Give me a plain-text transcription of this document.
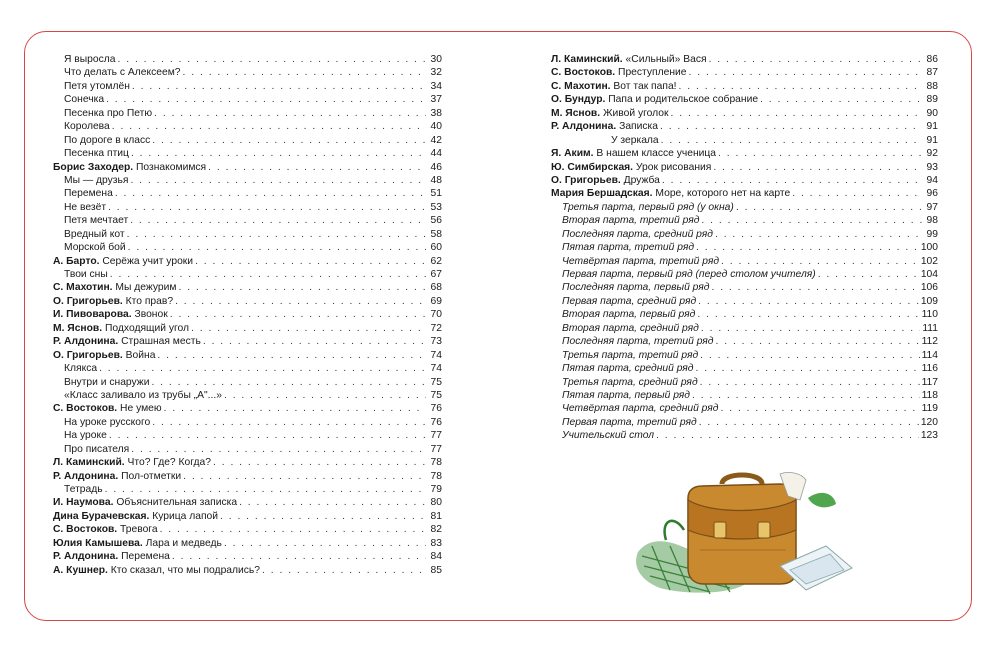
Я выросла . . .	30
Что делать с Алексеем? . . .	32
Петя утомлён . . .	34
Сонечка . . .	37
Песенка про Петю . . .	38
Королева . . .	40
По дороге в класс . . .	42
Песенка птиц . . .	44
Борис Заходер. Познакомимся . . .	46
Мы — друзья . . .	48
Перемена . . .	51
Не везёт . . .	53
Петя мечтает . . .	56
Вредный кот . . .	58
Морской бой . . .	60
А. Барто. Серёжа учит уроки . . .	62
Твои сны . . .	67
С. Махотин. Мы дежурим . . .	68
О. Григорьев. Кто прав? . . .	69
И. Пивоварова. Звонок . . .	70
М. Яснов. Подходящий угол . . .	72
Р. Алдонина. Страшная месть . . .	73
О. Григорьев. Война . . .	74
Клякса . . .	74
Внутри и снаружи . . .	75
«Класс заливало из трубы „А"...» . . .	75
С. Востоков. Не умею . . .	76
На уроке русского . . .	76
На уроке . . .	77
Про писателя . . .	77
Л. Каминский. Что? Где? Когда? . . .	78
Р. Алдонина. Пол-отметки . . .	78
Тетрадь . . .	79
И. Наумова. Объяснительная записка . . .	80
Дина Бурачевская. Курица лапой . . .	81
С. Востоков. Тревога . . .	82
Юлия Камышева. Лара и медведь . . .	83
Р. Алдонина. Перемена . . .	84
А. Кушнер. Кто сказал, что мы подрались? . . .	85
Л. Каминский. «Сильный» Вася . . .	86
С. Востоков. Преступление . . .	87
С. Махотин. Вот так папа! . . .	88
О. Бундур. Папа и родительское собрание . . .	89
М. Яснов. Живой уголок . . .	90
Р. Алдонина. Записка . . .	91
У зеркала . . .	91
Я. Аким. В нашем классе ученица . . .	92
Ю. Симбирская. Урок рисования . . .	93
О. Григорьев. Дружба . . .	94
Мария Бершадская. Море, которого нет на карте . . .	96
Третья парта, первый ряд (у окна) . . .	97
Вторая парта, третий ряд . . .	98
Последняя парта, средний ряд . . .	99
Пятая парта, третий ряд . . .	100
Четвёртая парта, третий ряд . . .	102
Первая парта, первый ряд (перед столом учителя) . . .	104
Последняя парта, первый ряд . . .	106
Первая парта, средний ряд . . .	109
Вторая парта, первый ряд . . .	110
Вторая парта, средний ряд . . .	111
Последняя парта, третий ряд . . .	112
Третья парта, третий ряд . . .	114
Пятая парта, средний ряд . . .	116
Третья парта, средний ряд . . .	117
Пятая парта, первый ряд . . .	118
Четвёртая парта, средний ряд . . .	119
Первая парта, третий ряд . . .	120
Учительский стол . . .	123
